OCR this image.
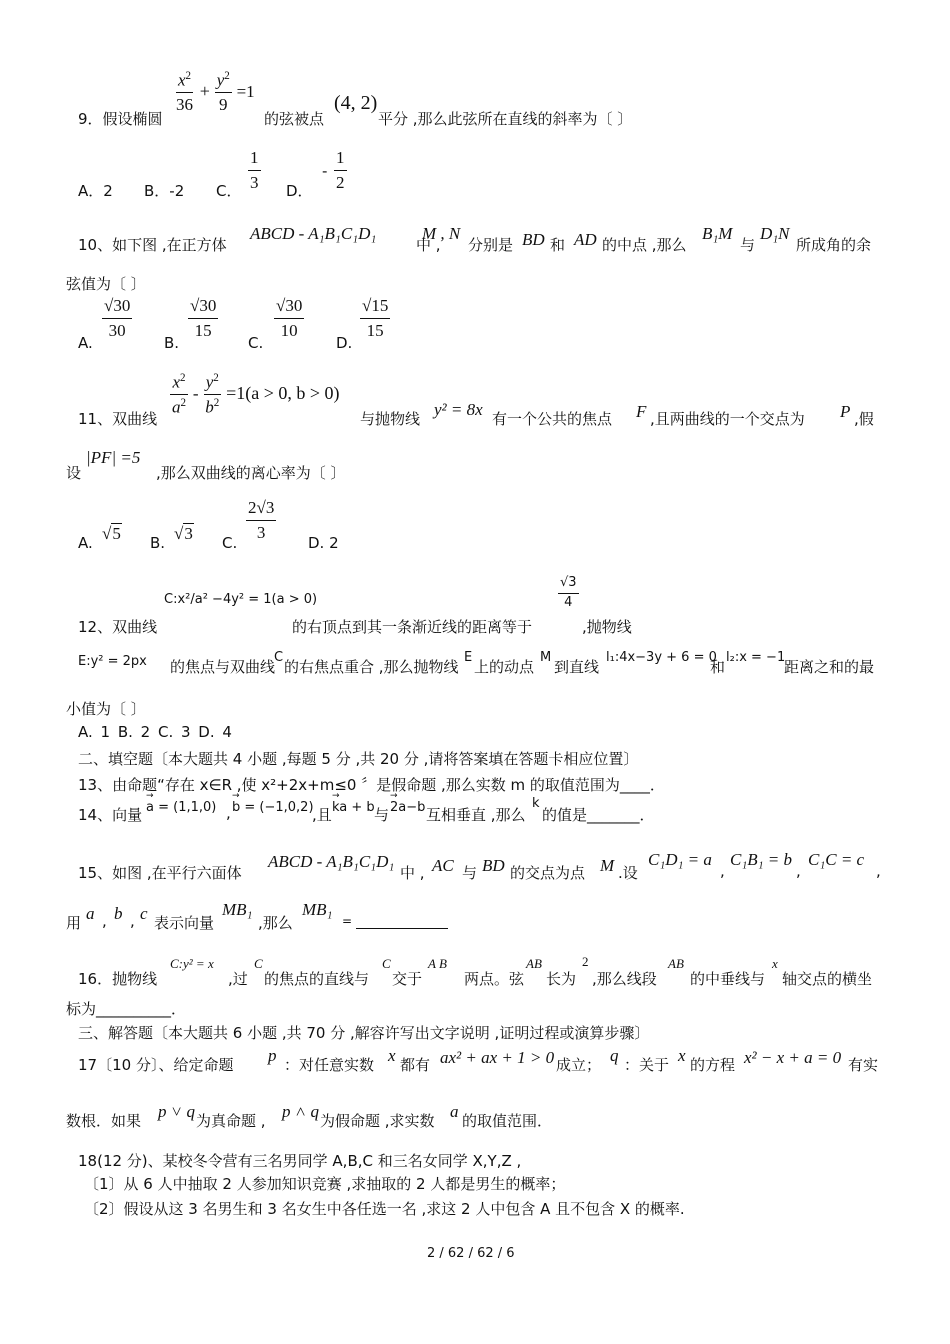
9．假设椭圆
$\frac{x^2}{36} + \frac{y^2}{9} =1$
的弦被点
(4, 2)
平分 ,那么此弦所在直线的斜率为〔 〕
A．2 B．-2 C． $\frac{1}{3}$ D．
- $\frac{1}{2}$
10、如下图 ,在正方体
ABCD - A₁B₁C₁D₁
中 ,
M , N
分别是 BD 和 AD 的中点 ,那么
B₁M
与
D₁N
所成角的余
弦值为〔 〕
A.
$\frac{√30}{30}$
B.
$\frac{√30}{15}$
C.
$\frac{√30}{10}$
D.
$\frac{√15}{15}$
11、双曲线
$\frac{x^2}{a^2} - \frac{y^2}{b^2} =1(a > 0$, b > 0)
与抛物线 y² = 8x 有一个公共的焦点 F ,且两曲线的一个交点为 P ,假
设
|PF| =5
,那么双曲线的离心率为〔 〕
A. √5 B. √3 C.
$\frac{2√3}{3}$
D. 2
C:x²/a² −4y² = 1(a > 0)
12、双曲线	的右顶点到其一条渐近线的距离等于
$\frac{√3}{4}$
,抛物线
E:y² = 2px 的焦点与双曲线
C
的右焦点重合 ,那么抛物线
E
上的动点
M
到直线
l₁:4x−3y + 6 = 0
和
l₂:x = −1
距离之和的最
小值为〔 〕
A. 1 B. 2 C. 3 D. 4
二、填空题〔本大题共 4 小题 ,每题 5 分 ,共 20 分 ,请将答案填在答题卡相应位置〕
13、由命题“存在 x∈R ,使 x²+2x+m≤0 〞是假命题 ,那么实数 m 的取值范围为____．
14、向量 → a = (1,1,0) , → b = (−1,0,2)
,且 → ka + b 与 → 2a−b 互相垂直 ,那么
k
的值是_______．
15、如图 ,在平行六面体
ABCD - A₁B₁C₁D₁
中 , AC 与 BD 的交点为点 M .设
C₁D₁ = a
,
C₁B₁ = b
,
C₁C = c
,
用 a , b , c 表示向量
MB₁
,那么
MB₁
=
16．抛物线
C:y² = x
,过
C
的焦点的直线与
C
交于
A B
两点。弦
AB
长为
2
,那么线段
AB
的中垂线与
x
轴交点的横坐
标为__________．
三、解答题〔本大题共 6 小题 ,共 70 分 ,解容许写出文字说明 ,证明过程或演算步骤〕
17〔10 分〕、给定命题 p ：对任意实数 x 都有 ax² + ax + 1 > 0 成立； q ：关于 x 的方程 x² − x + a = 0 有实
数根．如果 p ˅ q 为真命题 , p ˄ q 为假命题 ,求实数 a 的取值范围．
18(12 分)、某校冬令营有三名男同学 A,B,C 和三名女同学 X,Y,Z ,
〔1〕从 6 人中抽取 2 人参加知识竞赛 ,求抽取的 2 人都是男生的概率；
〔2〕假设从这 3 名男生和 3 名女生中各任选一名 ,求这 2 人中包含 A 且不包含 X 的概率.
2 / 62 / 62 / 6
